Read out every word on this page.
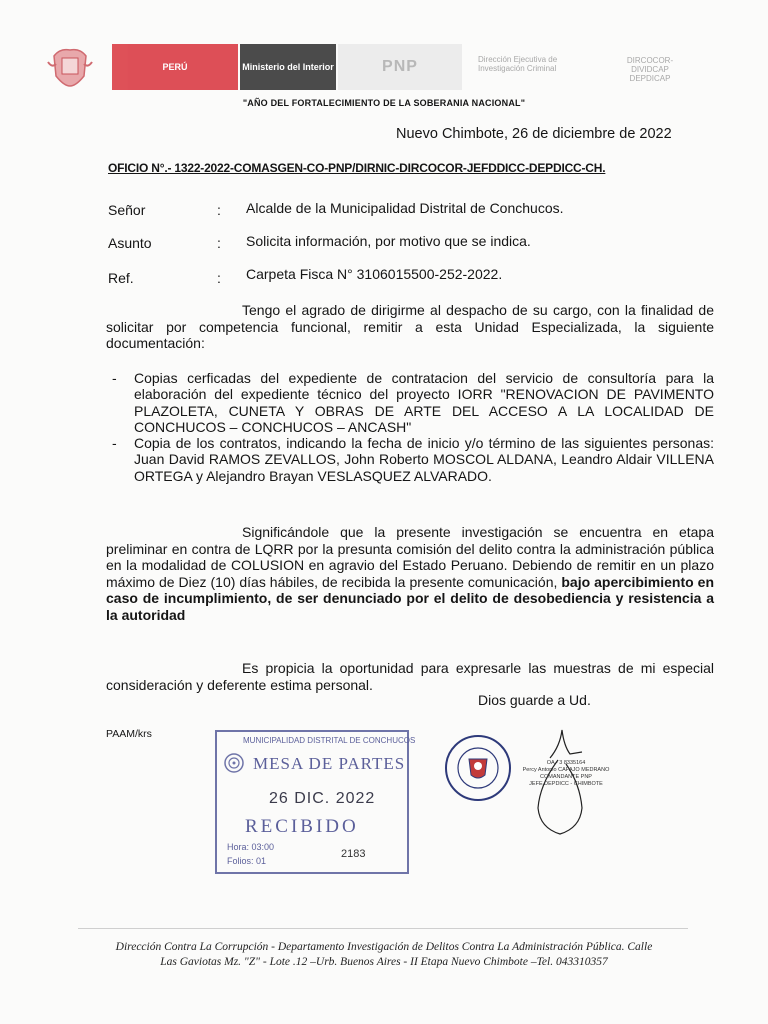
PERÚ	Ministerio del Interior	PNP	Dirección Ejecutiva de Investigación Criminal
DIRCOCOR-DIVIDCAP DEPDICAP
"AÑO DEL FORTALECIMIENTO DE LA SOBERANIA NACIONAL"
Nuevo Chimbote, 26 de diciembre de 2022
OFICIO N°.- 1322-2022-COMASGEN-CO-PNP/DIRNIC-DIRCOCOR-JEFDDICC-DEPDICC-CH.
Señor	: Alcalde de la Municipalidad Distrital de Conchucos.
Asunto	: Solicita información, por motivo que se indica.
Ref.	: Carpeta Fisca N° 3106015500-252-2022.

Tengo el agrado de dirigirme al despacho de su cargo, con la finalidad de solicitar por competencia funcional, remitir a esta Unidad Especializada, la siguiente documentación:

- Copias cerficadas del expediente de contratacion del servicio de consultoría para la elaboración del expediente técnico del proyecto IORR "RENOVACION DE PAVIMENTO PLAZOLETA, CUNETA Y OBRAS DE ARTE DEL ACCESO A LA LOCALIDAD DE CONCHUCOS – CONCHUCOS – ANCASH"
- Copia de los contratos, indicando la fecha de inicio y/o término de las siguientes personas: Juan David RAMOS ZEVALLOS, John Roberto MOSCOL ALDANA, Leandro Aldair VILLENA ORTEGA y Alejandro Brayan VESLASQUEZ ALVARADO.

Significándole que la presente investigación se encuentra en etapa preliminar en contra de LQRR por la presunta comisión del delito contra la administración pública en la modalidad de COLUSION en agravio del Estado Peruano. Debiendo de remitir en un plazo máximo de Diez (10) días hábiles, de recibida la presente comunicación, bajo apercibimiento en caso de incumplimiento, de ser denunciado por el delito de desobediencia y resistencia a la autoridad

Es propicia la oportunidad para expresarle las muestras de mi especial consideración y deferente estima personal.

Dios guarde a Ud.
PAAM/krs
MUNICIPALIDAD DISTRITAL DE CONCHUCOS
MESA DE PARTES
26 DIC. 2022
RECIBIDO
Hora: 03:00
Folios: 01
2183
OA - 3 8335164
Percy Antonio CAPAJO MEDRANO
COMANDANTE PNP
JEFE DEPDICC - CHIMBOTE
Dirección Contra La Corrupción - Departamento Investigación de Delitos Contra La Administración Pública. Calle
Las Gaviotas Mz. "Z" - Lote .12 –Urb. Buenos Aires - II Etapa Nuevo Chimbote –Tel. 043310357
